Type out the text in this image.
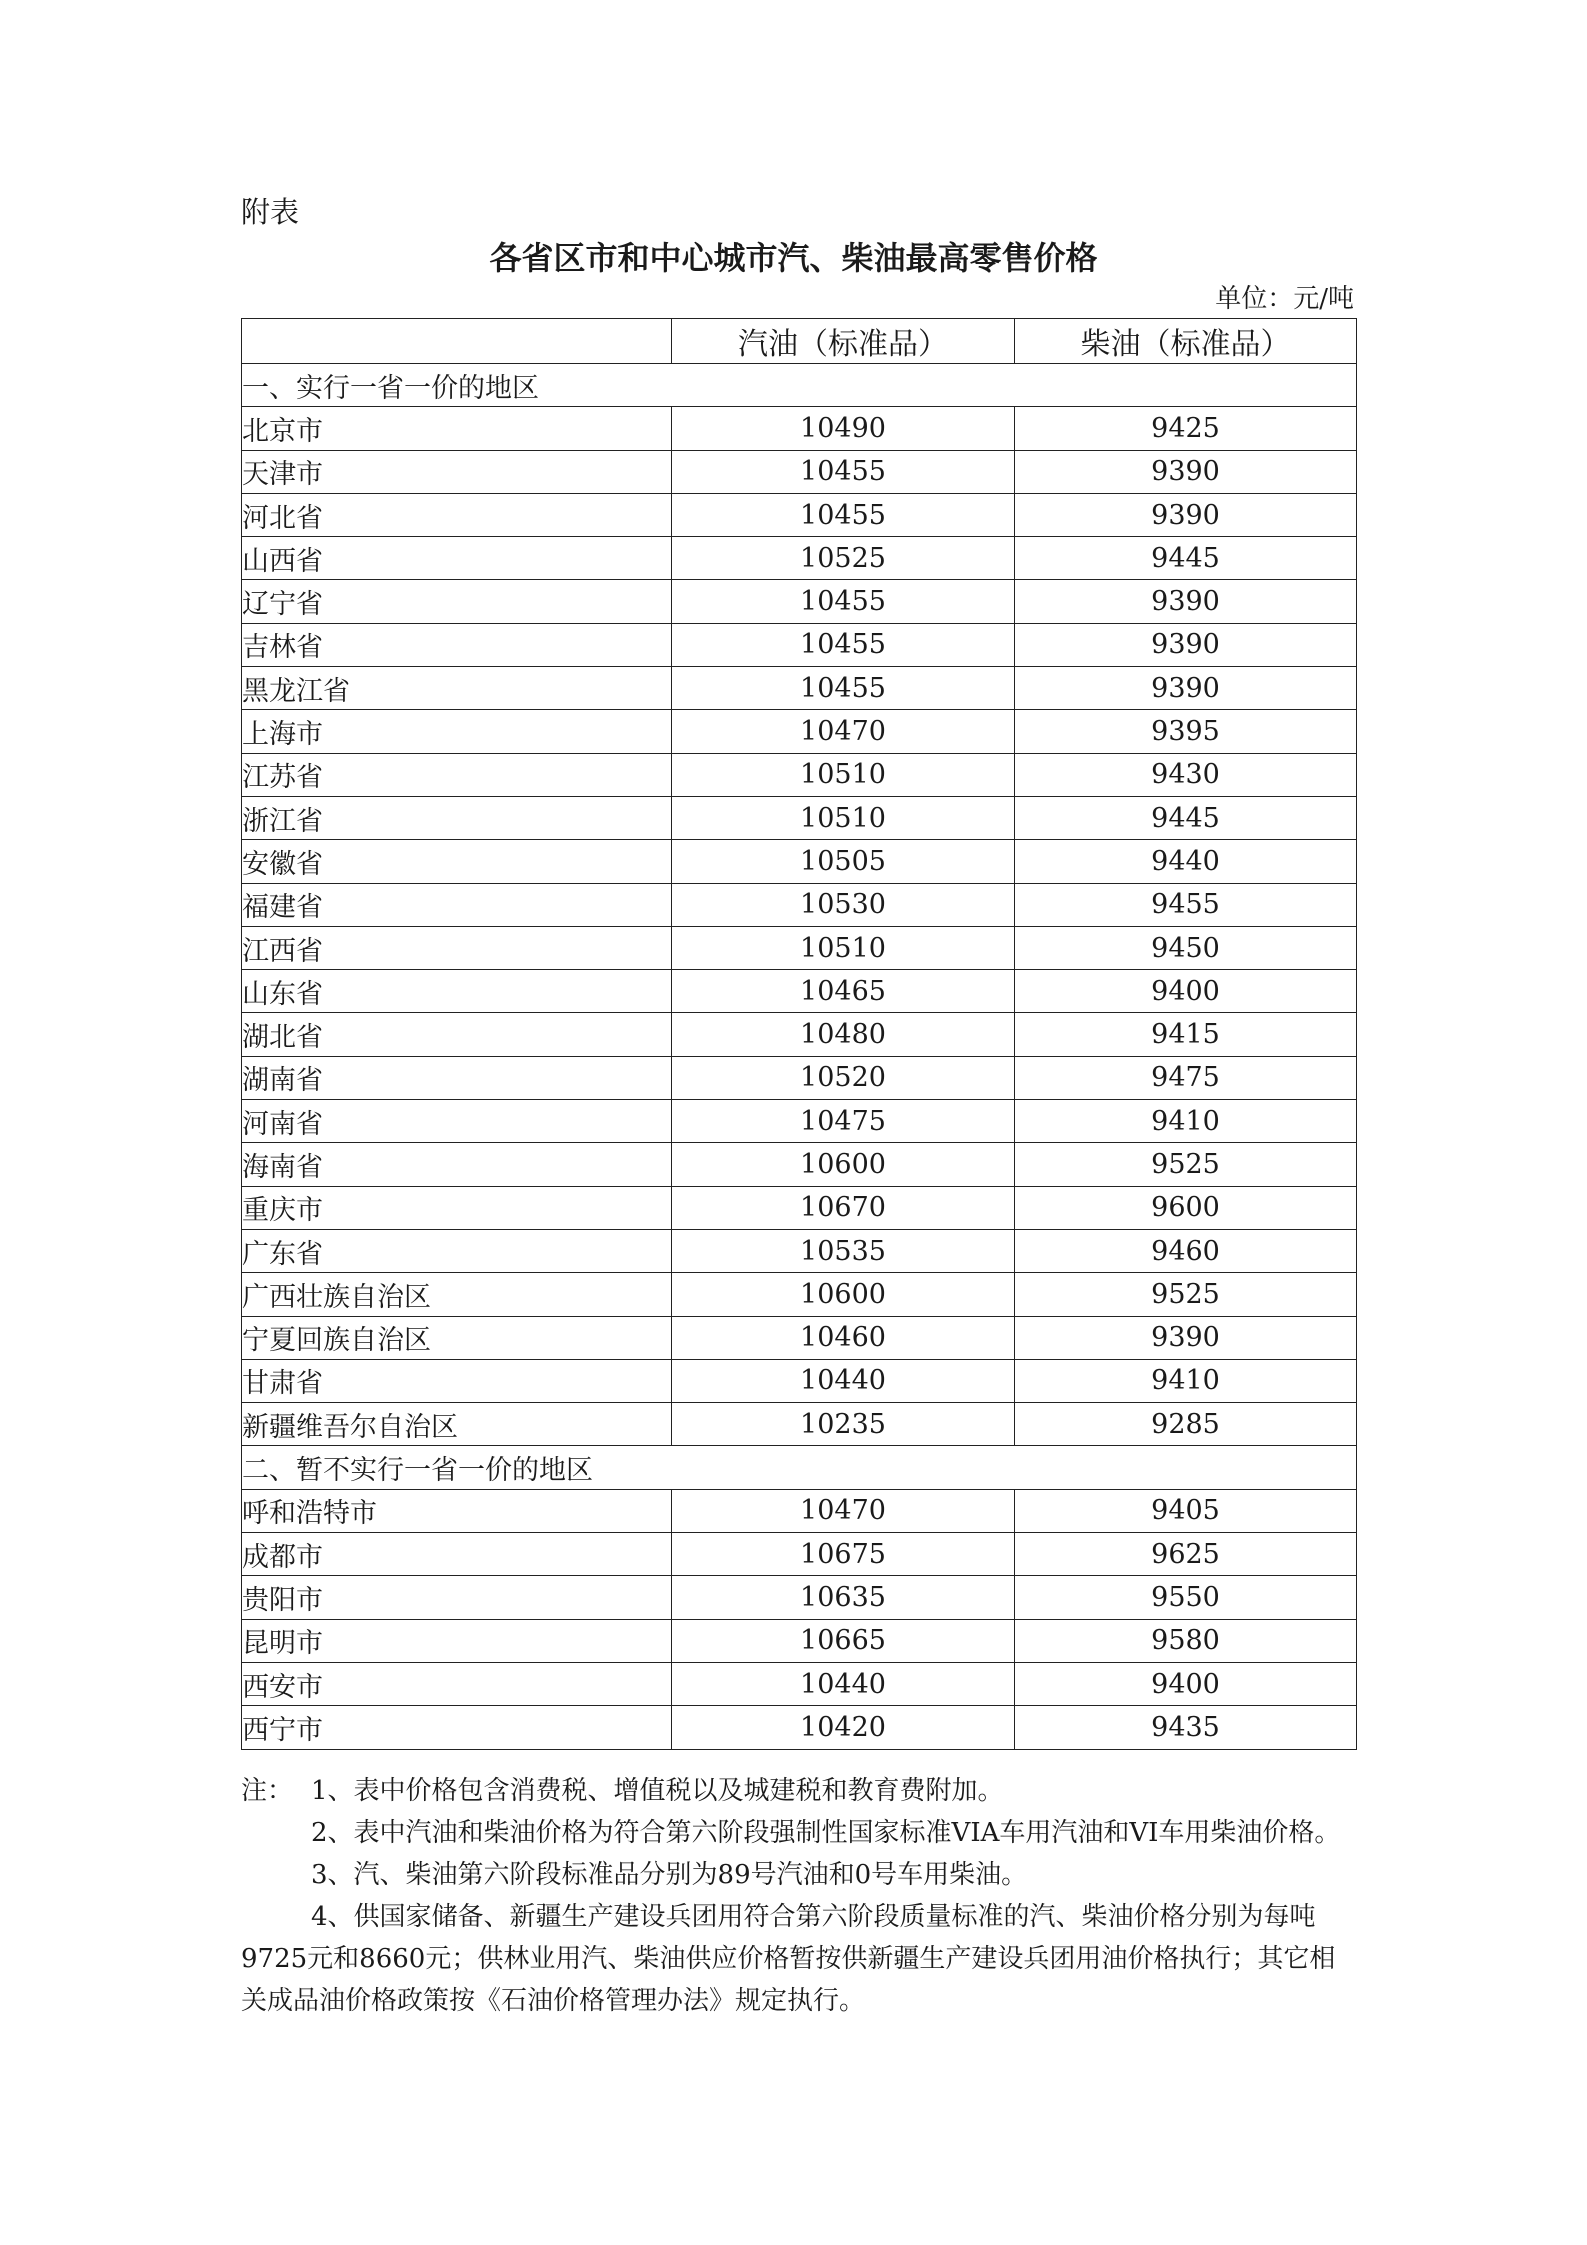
附表
各省区市和中心城市汽、柴油最高零售价格
单位：元/吨
	汽油（标准品）	柴油（标准品）
一、实行一省一价的地区		
北京市	10490	9425
天津市	10455	9390
河北省	10455	9390
山西省	10525	9445
辽宁省	10455	9390
吉林省	10455	9390
黑龙江省	10455	9390
上海市	10470	9395
江苏省	10510	9430
浙江省	10510	9445
安徽省	10505	9440
福建省	10530	9455
江西省	10510	9450
山东省	10465	9400
湖北省	10480	9415
湖南省	10520	9475
河南省	10475	9410
海南省	10600	9525
重庆市	10670	9600
广东省	10535	9460
广西壮族自治区	10600	9525
宁夏回族自治区	10460	9390
甘肃省	10440	9410
新疆维吾尔自治区	10235	9285
二、暂不实行一省一价的地区		
呼和浩特市	10470	9405
成都市	10675	9625
贵阳市	10635	9550
昆明市	10665	9580
西安市	10440	9400
西宁市	10420	9435

注： 1、表中价格包含消费税、增值税以及城建税和教育费附加。

2、表中汽油和柴油价格为符合第六阶段强制性国家标准VIA车用汽油和VI车用柴油价格。

3、汽、柴油第六阶段标准品分别为89号汽油和0号车用柴油。

4、供国家储备、新疆生产建设兵团用符合第六阶段质量标准的汽、柴油价格分别为每吨9725元和8660元；供林业用汽、柴油供应价格暂按供新疆生产建设兵团用油价格执行；其它相关成品油价格政策按《石油价格管理办法》规定执行。
